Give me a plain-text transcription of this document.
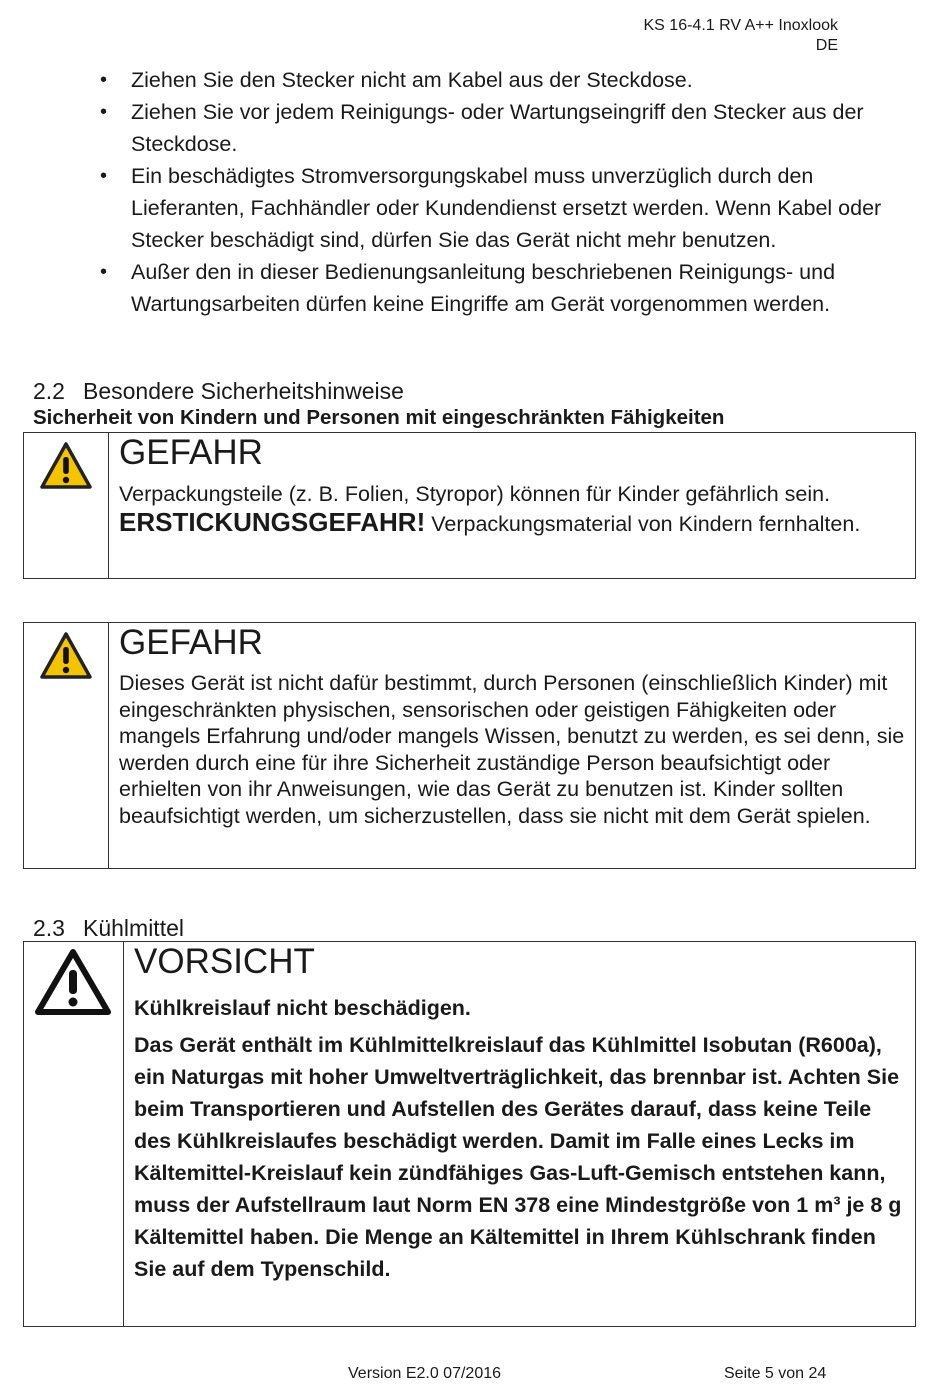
KS 16-4.1 RV A++ Inoxlook
DE
• Ziehen Sie den Stecker nicht am Kabel aus der Steckdose.
• Ziehen Sie vor jedem Reinigungs- oder Wartungseingriff den Stecker aus der Steckdose.
• Ein beschädigtes Stromversorgungskabel muss unverzüglich durch den Lieferanten, Fachhändler oder Kundendienst ersetzt werden. Wenn Kabel oder Stecker beschädigt sind, dürfen Sie das Gerät nicht mehr benutzen.
• Außer den in dieser Bedienungsanleitung beschriebenen Reinigungs- und Wartungsarbeiten dürfen keine Eingriffe am Gerät vorgenommen werden.
2.2 Besondere Sicherheitshinweise
Sicherheit von Kindern und Personen mit eingeschränkten Fähigkeiten
GEFAHR
Verpackungsteile (z. B. Folien, Styropor) können für Kinder gefährlich sein.
ERSTICKUNGSGEFAHR! Verpackungsmaterial von Kindern fernhalten.
GEFAHR
Dieses Gerät ist nicht dafür bestimmt, durch Personen (einschließlich Kinder) mit eingeschränkten physischen, sensorischen oder geistigen Fähigkeiten oder mangels Erfahrung und/oder mangels Wissen, benutzt zu werden, es sei denn, sie werden durch eine für ihre Sicherheit zuständige Person beaufsichtigt oder erhielten von ihr Anweisungen, wie das Gerät zu benutzen ist. Kinder sollten beaufsichtigt werden, um sicherzustellen, dass sie nicht mit dem Gerät spielen.
2.3 Kühlmittel
VORSICHT
Kühlkreislauf nicht beschädigen.
Das Gerät enthält im Kühlmittelkreislauf das Kühlmittel Isobutan (R600a), ein Naturgas mit hoher Umweltverträglichkeit, das brennbar ist. Achten Sie beim Transportieren und Aufstellen des Gerätes darauf, dass keine Teile des Kühlkreislaufes beschädigt werden. Damit im Falle eines Lecks im Kältemittel-Kreislauf kein zündfähiges Gas-Luft-Gemisch entstehen kann, muss der Aufstellraum laut Norm EN 378 eine Mindestgröße von 1 m³ je 8 g Kältemittel haben. Die Menge an Kältemittel in Ihrem Kühlschrank finden Sie auf dem Typenschild.
Version E2.0 07/2016	Seite 5 von 24
